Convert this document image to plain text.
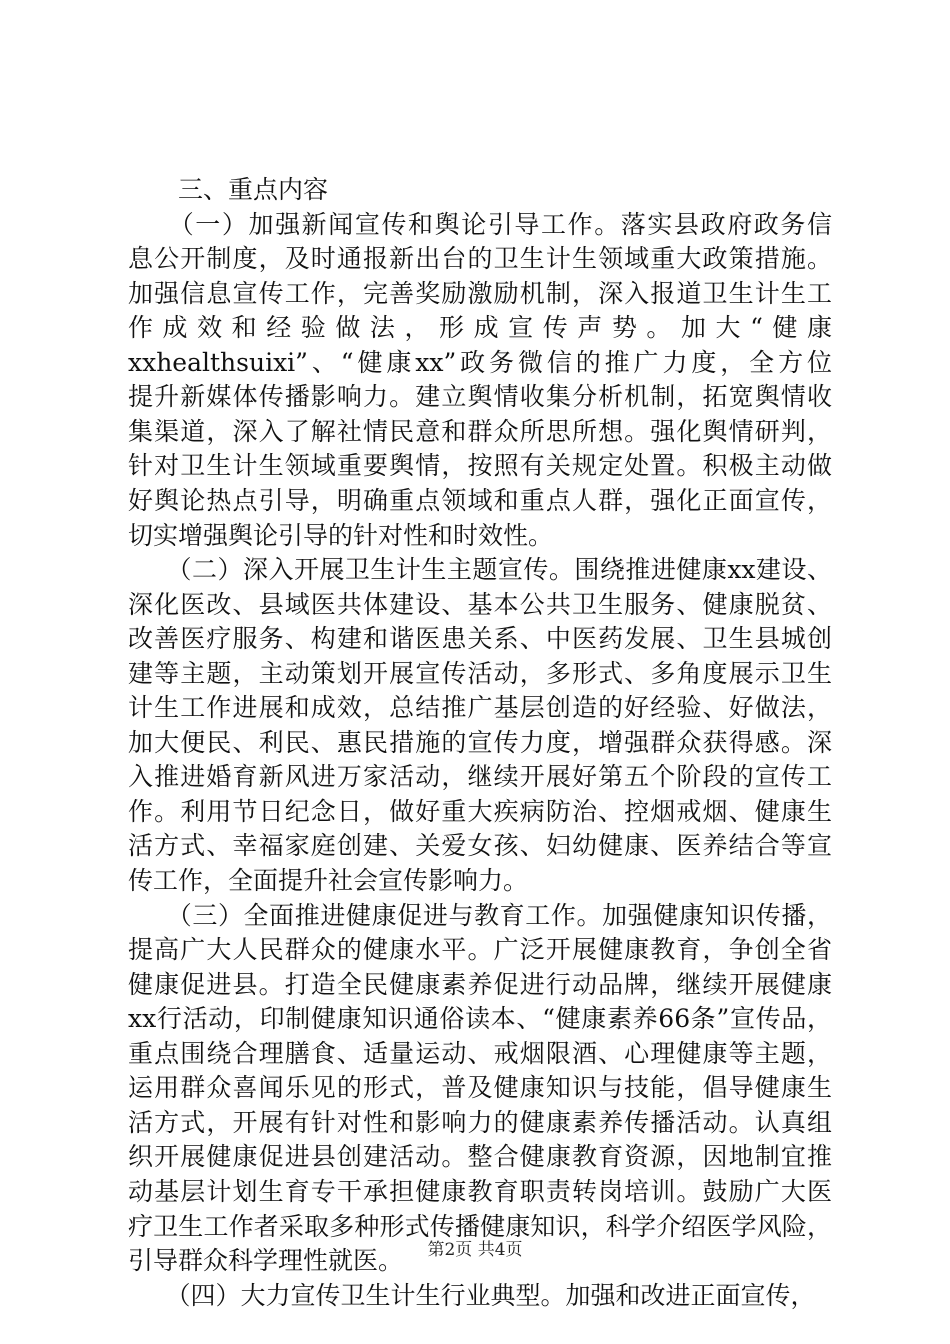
　　三、重点内容
　　（一）加强新闻宣传和舆论引导工作。落实县政府政务信
息公开制度，及时通报新出台的卫生计生领域重大政策措施。
加强信息宣传工作，完善奖励激励机制，深入报道卫生计生工
作成效和经验做法，形成宣传声势。加大“健康
xxhealthsuixi”、“健康xx”政务微信的推广力度，全方位
提升新媒体传播影响力。建立舆情收集分析机制，拓宽舆情收
集渠道，深入了解社情民意和群众所思所想。强化舆情研判，
针对卫生计生领域重要舆情，按照有关规定处置。积极主动做
好舆论热点引导，明确重点领域和重点人群，强化正面宣传，
切实增强舆论引导的针对性和时效性。
　　（二）深入开展卫生计生主题宣传。围绕推进健康xx建设、
深化医改、县域医共体建设、基本公共卫生服务、健康脱贫、
改善医疗服务、构建和谐医患关系、中医药发展、卫生县城创
建等主题，主动策划开展宣传活动，多形式、多角度展示卫生
计生工作进展和成效，总结推广基层创造的好经验、好做法，
加大便民、利民、惠民措施的宣传力度，增强群众获得感。深
入推进婚育新风进万家活动，继续开展好第五个阶段的宣传工
作。利用节日纪念日，做好重大疾病防治、控烟戒烟、健康生
活方式、幸福家庭创建、关爱女孩、妇幼健康、医养结合等宣
传工作，全面提升社会宣传影响力。
　　（三）全面推进健康促进与教育工作。加强健康知识传播，
提高广大人民群众的健康水平。广泛开展健康教育，争创全省
健康促进县。打造全民健康素养促进行动品牌，继续开展健康
xx行活动，印制健康知识通俗读本、“健康素养66条”宣传品，
重点围绕合理膳食、适量运动、戒烟限酒、心理健康等主题，
运用群众喜闻乐见的形式，普及健康知识与技能，倡导健康生
活方式，开展有针对性和影响力的健康素养传播活动。认真组
织开展健康促进县创建活动。整合健康教育资源，因地制宜推
动基层计划生育专干承担健康教育职责转岗培训。鼓励广大医
疗卫生工作者采取多种形式传播健康知识，科学介绍医学风险，
引导群众科学理性就医。
　　（四）大力宣传卫生计生行业典型。加强和改进正面宣传，
第2页 共4页
